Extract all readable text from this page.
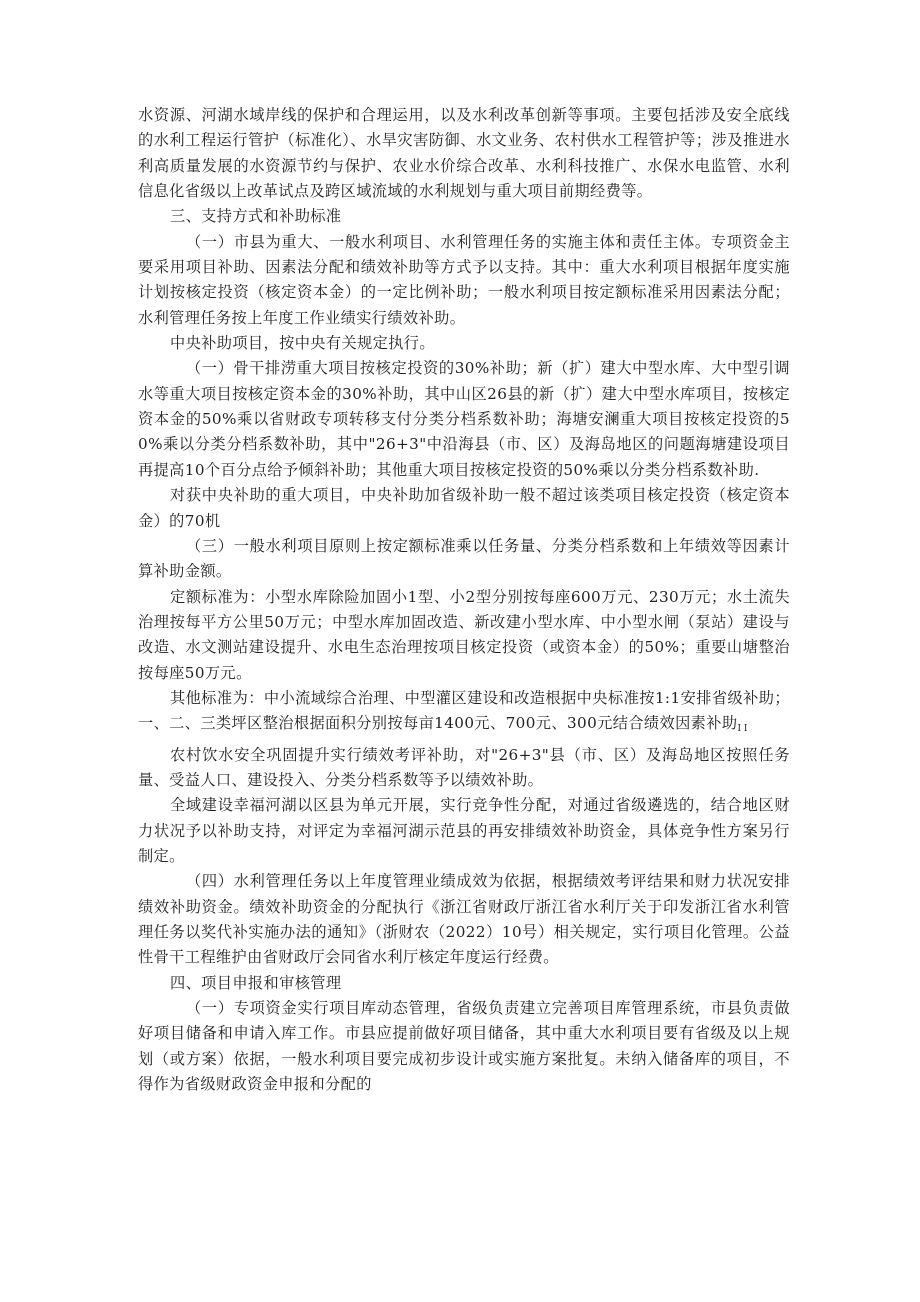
水资源、河湖水域岸线的保护和合理运用，以及水利改革创新等事项。主要包括涉及安全底线的水利工程运行管护（标准化）、水旱灾害防御、水文业务、农村供水工程管护等；涉及推进水利高质量发展的水资源节约与保护、农业水价综合改革、水利科技推广、水保水电监管、水利信息化省级以上改革试点及跨区域流域的水利规划与重大项目前期经费等。

三、支持方式和补助标准

（一）市县为重大、一般水利项目、水利管理任务的实施主体和责任主体。专项资金主要采用项目补助、因素法分配和绩效补助等方式予以支持。其中：重大水利项目根据年度实施计划按核定投资（核定资本金）的一定比例补助；一般水利项目按定额标准采用因素法分配；水利管理任务按上年度工作业绩实行绩效补助。

中央补助项目，按中央有关规定执行。

（一）骨干排涝重大项目按核定投资的30%补助；新（扩）建大中型水库、大中型引调水等重大项目按核定资本金的30%补助，其中山区26县的新（扩）建大中型水库项目，按核定资本金的50%乘以省财政专项转移支付分类分档系数补助；海塘安澜重大项目按核定投资的50%乘以分类分档系数补助，其中"26+3"中沿海县（市、区）及海岛地区的问题海塘建设项目再提高10个百分点给予倾斜补助；其他重大项目按核定投资的50%乘以分类分档系数补助.

对获中央补助的重大项目，中央补助加省级补助一般不超过该类项目核定投资（核定资本金）的70机

（三）一般水利项目原则上按定额标准乘以任务量、分类分档系数和上年绩效等因素计算补助金额。

定额标准为：小型水库除险加固小1型、小2型分别按每座600万元、230万元；水土流失治理按每平方公里50万元；中型水库加固改造、新改建小型水库、中小型水闸（泵站）建设与改造、水文测站建设提升、水电生态治理按项目核定投资（或资本金）的50%；重要山塘整治按每座50万元。

其他标准为：中小流域综合治理、中型灌区建设和改造根据中央标准按1:1安排省级补助；一、二、三类坪区整治根据面积分别按每亩1400元、700元、300元结合绩效因素补助$_{I I}$

农村饮水安全巩固提升实行绩效考评补助，对"26+3"县（市、区）及海岛地区按照任务量、受益人口、建设投入、分类分档系数等予以绩效补助。

全域建设幸福河湖以区县为单元开展，实行竞争性分配，对通过省级遴选的，结合地区财力状况予以补助支持，对评定为幸福河湖示范县的再安排绩效补助资金，具体竞争性方案另行制定。

（四）水利管理任务以上年度管理业绩成效为依据，根据绩效考评结果和财力状况安排绩效补助资金。绩效补助资金的分配执行《浙江省财政厅浙江省水利厅关于印发浙江省水利管理任务以奖代补实施办法的通知》（浙财农（2022）10号）相关规定，实行项目化管理。公益性骨干工程维护由省财政厅会同省水利厅核定年度运行经费。

四、项目申报和审核管理

（一）专项资金实行项目库动态管理，省级负责建立完善项目库管理系统，市县负责做好项目储备和申请入库工作。市县应提前做好项目储备，其中重大水利项目要有省级及以上规划（或方案）依据，一般水利项目要完成初步设计或实施方案批复。未纳入储备库的项目，不得作为省级财政资金申报和分配的
